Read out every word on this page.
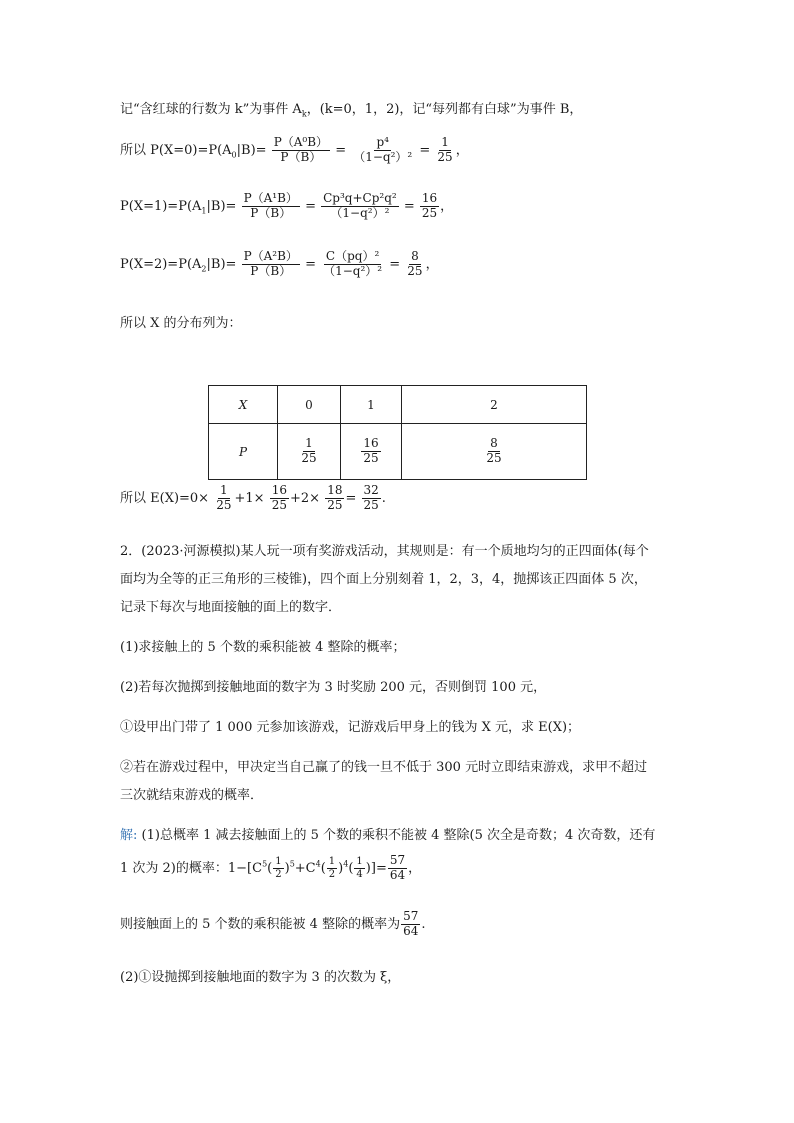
记“含红球的行数为 k”为事件 $A_k$，(k=0，1，2)，记“每列都有白球”为事件 B，
所以 $P(X=0)=P(A_0|B)= \frac{\text{P（A⁰B）}}{P(B)} = \frac{\text{p⁴}}{\text{（1−q²）²}} = \frac{1}{25}$ ，
$P(X=1)=P(A_1|B)= \frac{\text{P（A¹B）}}{P(B)} = \frac{\text{Cp³q+Cp²q²}}{\text{（1−q²）²}} = \frac{16}{25}$ ，
$P(X=2)=P(A_2|B)= \frac{\text{P（A²B）}}{P(B)} = \frac{\text{C（pq）²}}{\text{（1−q²）²}} = \frac{8}{25}$ ，
所以 X 的分布列为：
X	0	1	2
P	$\frac{1}{25}$	$\frac{16}{25}$	$\frac{8}{25}$
所以 $E(X)=0\times \frac{1}{25} +1\times \frac{16}{25} +2\times \frac{18}{25} = \frac{32}{25}$ .
2．(2023·河源模拟)某人玩一项有奖游戏活动，其规则是：有一个质地均匀的正四面体(每个
面均为全等的正三角形的三棱锥)，四个面上分别刻着 1，2，3，4，抛掷该正四面体 5 次，
记录下每次与地面接触的面上的数字．
(1)求接触上的 5 个数的乘积能被 4 整除的概率；
(2)若每次抛掷到接触地面的数字为 3 时奖励 200 元，否则倒罚 100 元，
①设甲出门带了 1 000 元参加该游戏，记游戏后甲身上的钱为 X 元，求 E(X)；
②若在游戏过程中，甲决定当自己赢了的钱一旦不低于 300 元时立即结束游戏，求甲不超过
三次就结束游戏的概率．
解: (1)总概率 1 减去接触面上的 5 个数的乘积不能被 4 整除(5 次全是奇数；4 次奇数，还有
1 次为 2)的概率：$1-[C^5( \frac{1}{2} )^5+C^4( \frac{1}{2} )^4( \frac{1}{4}$ )]= $\frac{57}{64}$ ，
则接触面上的 5 个数的乘积能被 4 整除的概率为 $\frac{57}{64}$ .
(2)①设抛掷到接触地面的数字为 3 的次数为 ξ，
